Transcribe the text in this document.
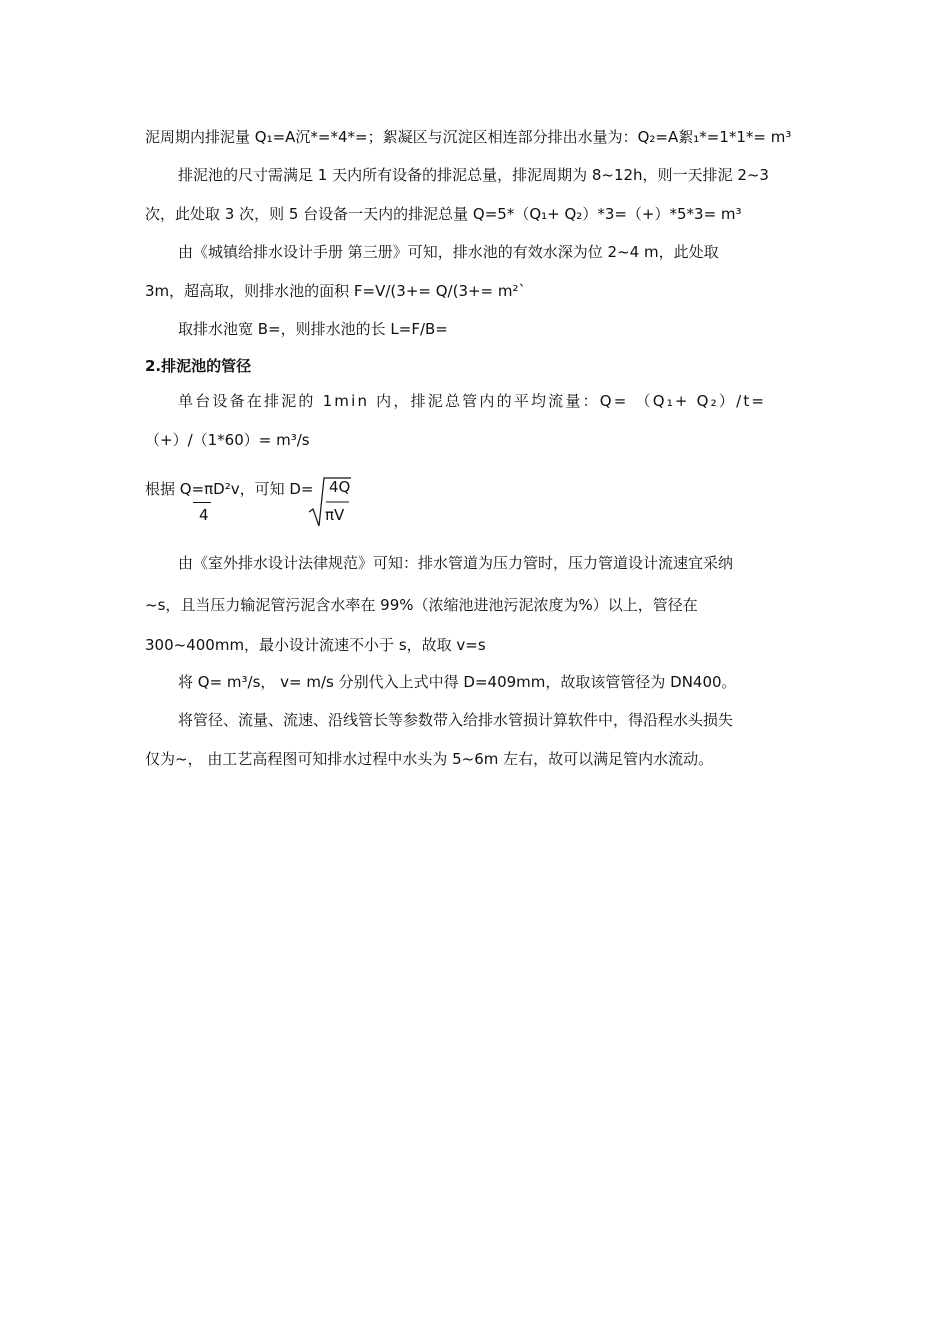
泥周期内排泥量 Q₁=A沉*=*4*=；絮凝区与沉淀区相连部分排出水量为：Q₂=A絮₁*=1*1*= m³
排泥池的尺寸需满足 1 天内所有设备的排泥总量，排泥周期为 8~12h，则一天排泥 2~3
次，此处取 3 次，则 5 台设备一天内的排泥总量 Q=5*（Q₁+ Q₂）*3=（+）*5*3= m³
由《城镇给排水设计手册 第三册》可知，排水池的有效水深为位 2~4 m，此处取
3m，超高取，则排水池的面积 F=V/(3+= Q/(3+= m²`
取排水池宽 B=，则排水池的长 L=F/B=
2.排泥池的管径
单台设备在排泥的 1min 内，排泥总管内的平均流量：Q= （Q₁+ Q₂）/t=
（+）/（1*60）= m³/s
根据 Q=πD²v，可知 D=
4
4Q
πV
由《室外排水设计法律规范》可知：排水管道为压力管时，压力管道设计流速宜采纳
~s，且当压力输泥管污泥含水率在 99%（浓缩池进池污泥浓度为%）以上，管径在
300~400mm，最小设计流速不小于 s，故取 v=s
将 Q= m³/s， v= m/s 分别代入上式中得 D=409mm，故取该管管径为 DN400。
将管径、流量、流速、沿线管长等参数带入给排水管损计算软件中，得沿程水头损失
仅为~， 由工艺高程图可知排水过程中水头为 5~6m 左右，故可以满足管内水流动。
